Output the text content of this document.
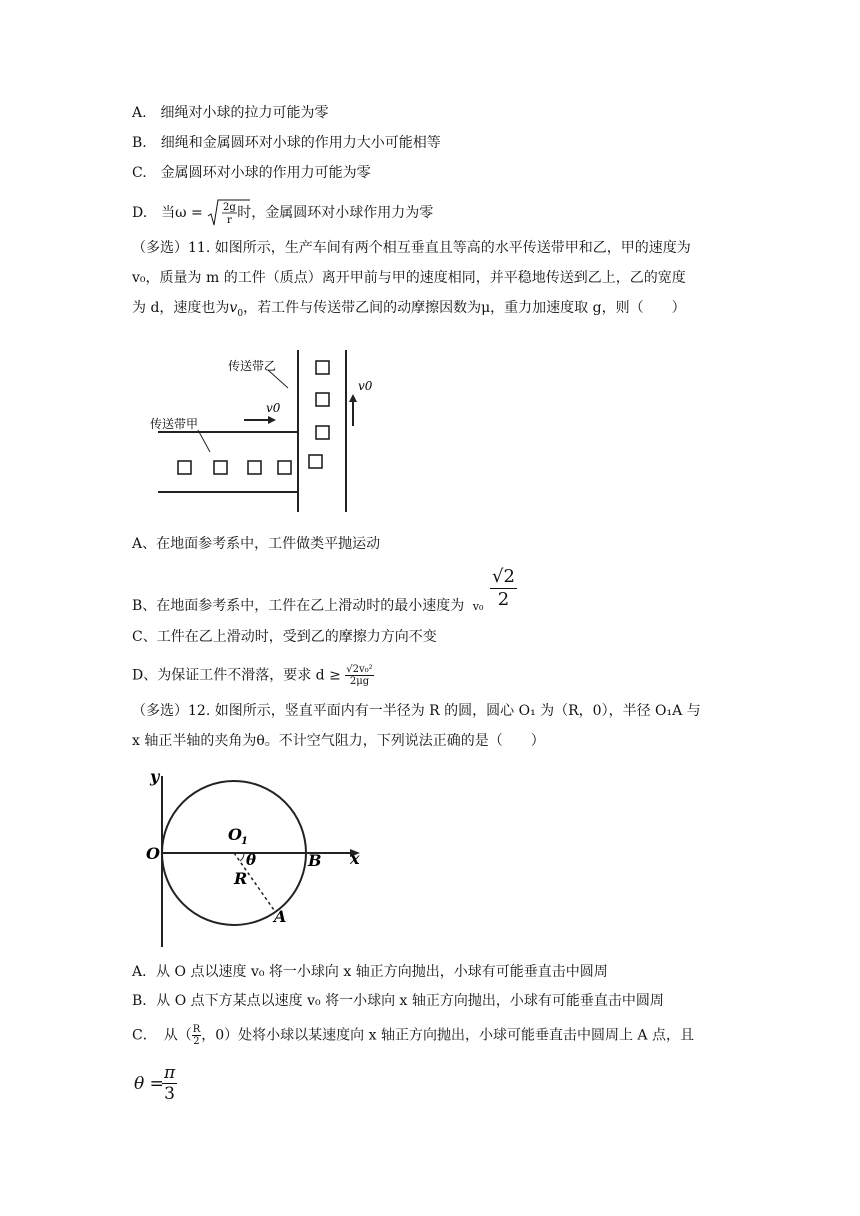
A.　细绳对小球的拉力可能为零
B.　细绳和金属圆环对小球的作用力大小可能相等
C.　金属圆环对小球的作用力可能为零
D.　当ω = 2g
r 时，金属圆环对小球作用力为零
（多选）11. 如图所示，生产车间有两个相互垂直且等高的水平传送带甲和乙，甲的速度为
v₀，质量为 m 的工件（质点）离开甲前与甲的速度相同，并平稳地传送到乙上，乙的宽度
为 d，速度也为$v_0$，若工件与传送带乙间的动摩擦因数为μ，重力加速度取 g，则（　　）
传送带乙
传送带甲
v0
v0
A、在地面参考系中，工件做类平抛运动
B、在地面参考系中，工件在乙上滑动时的最小速度为 $v_0 \frac{√2}{2}$
C、工件在乙上滑动时，受到乙的摩擦力方向不变
D、为保证工件不滑落，要求 $d \ge \frac{\text{√2v₀²}}{2\mu g}$
（多选）12. 如图所示，竖直平面内有一半径为 R 的圆，圆心 O₁ 为（R，0），半径 O₁A 与
x 轴正半轴的夹角为θ。不计空气阻力，下列说法正确的是（　　）
y
x
O
O 1
θ
R
B
A
A．从 O 点以速度 v₀ 将一小球向 x 轴正方向抛出，小球有可能垂直击中圆周
B．从 O 点下方某点以速度 v₀ 将一小球向 x 轴正方向抛出，小球有可能垂直击中圆周
C．　从（ $\frac{R}{2}$ ，0）处将小球以某速度向 x 轴正方向抛出，小球可能垂直击中圆周上 A 点，且
θ =
$\frac{\pi}{3}$
